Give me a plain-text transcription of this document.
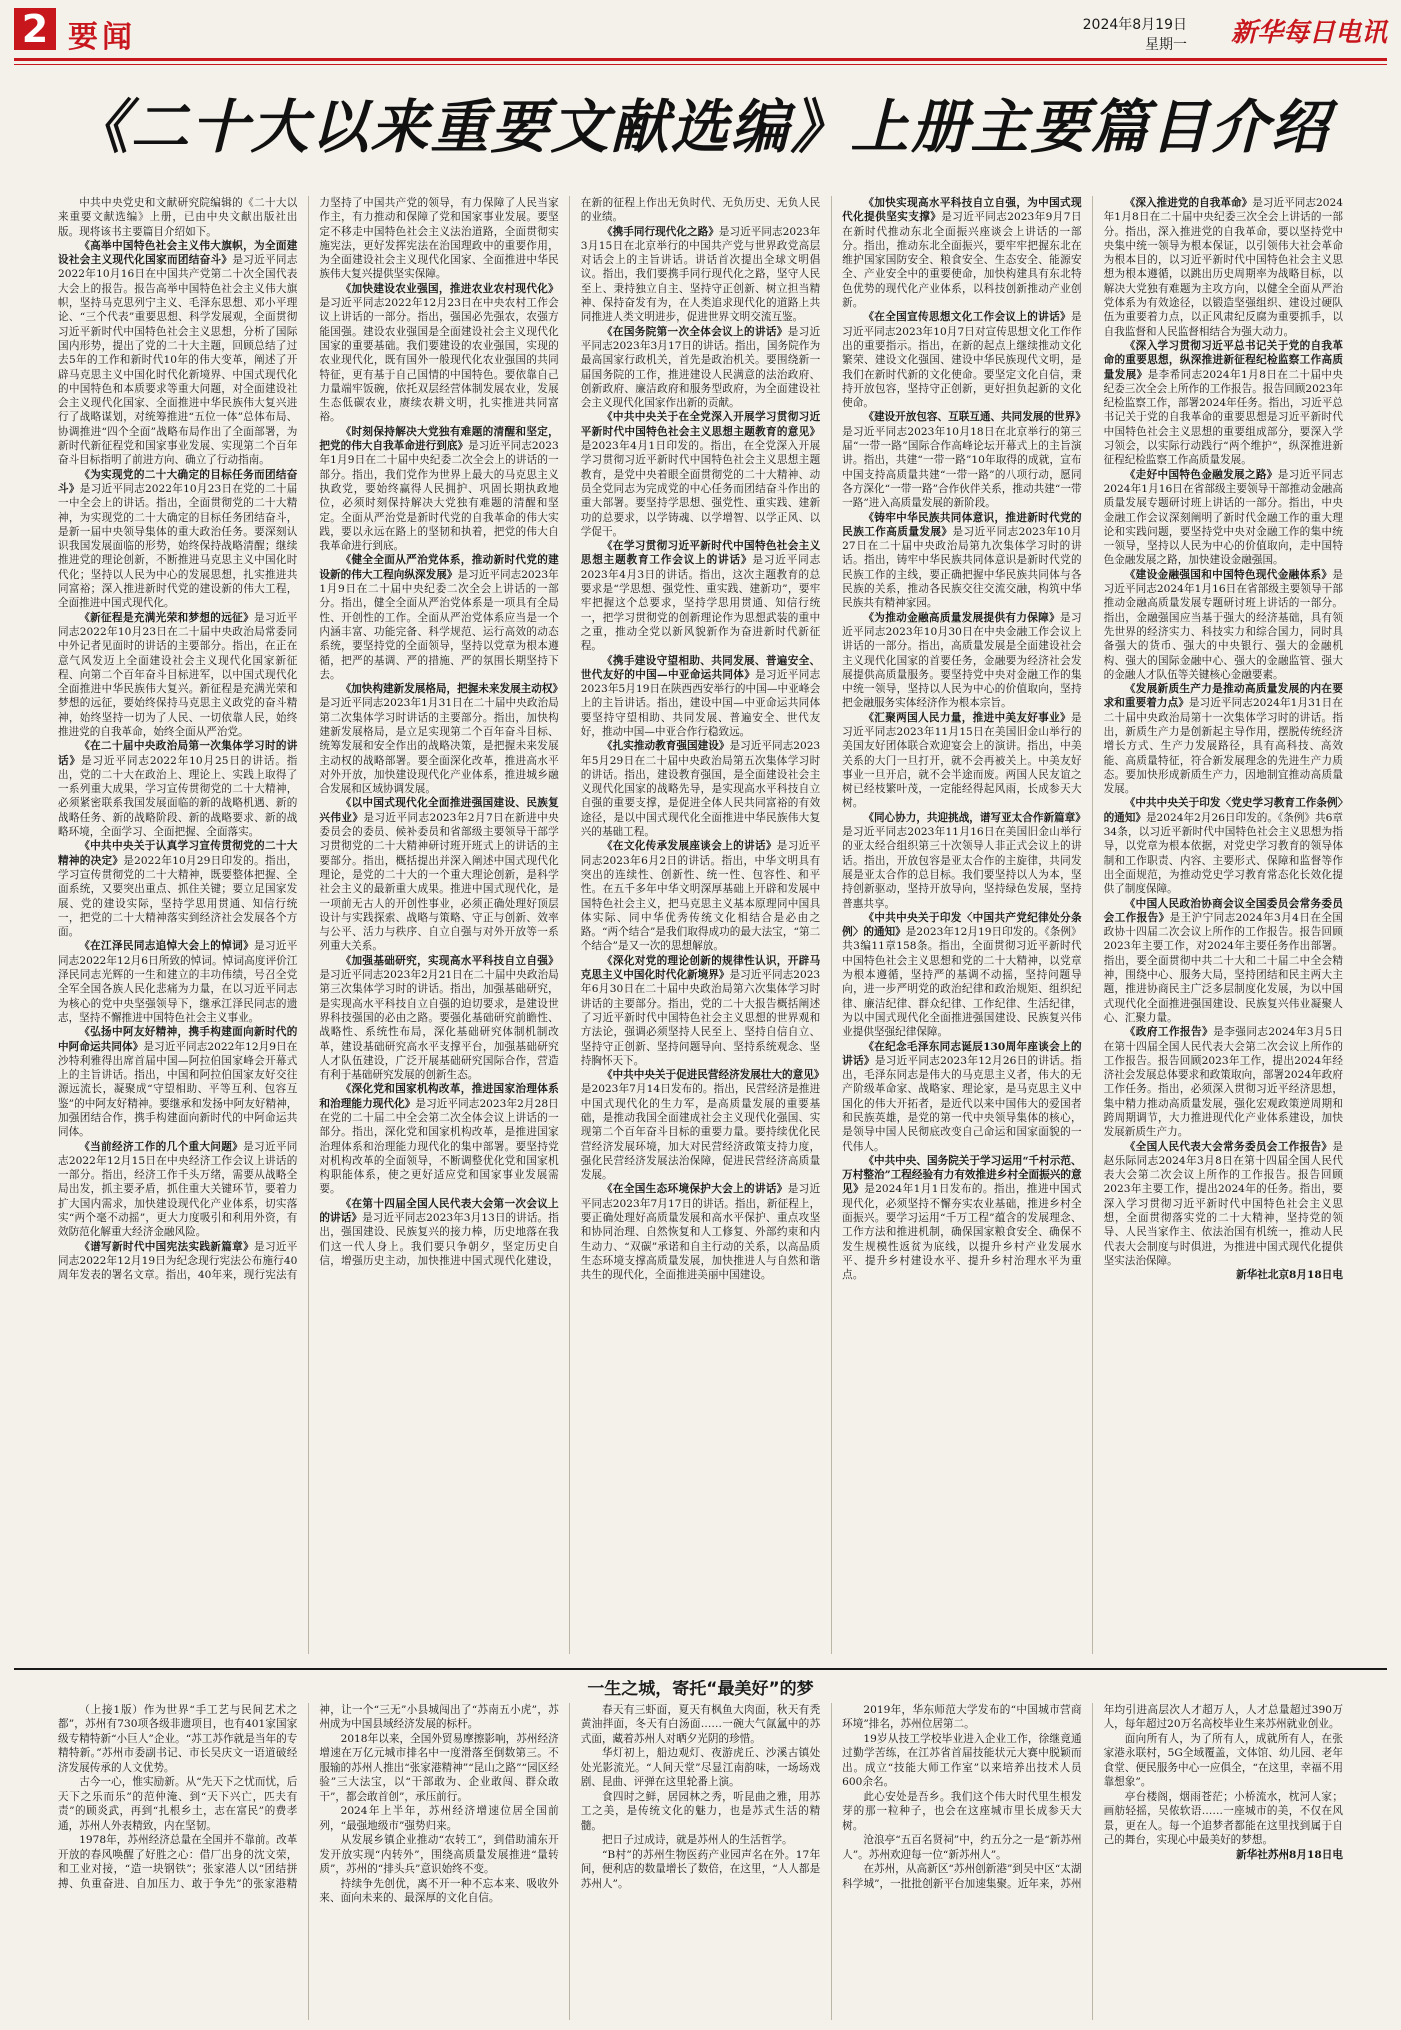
2 要闻	2024年8月19日
星期一 新华每日电讯
《二十大以来重要文献选编》上册主要篇目介绍

中共中央党史和文献研究院编辑的《二十大以来重要文献选编》上册，已由中央文献出版社出版。现将该书主要篇目介绍如下。

《高举中国特色社会主义伟大旗帜，为全面建设社会主义现代化国家而团结奋斗》是习近平同志2022年10月16日在中国共产党第二十次全国代表大会上的报告。报告高举中国特色社会主义伟大旗帜，坚持马克思列宁主义、毛泽东思想、邓小平理论、“三个代表”重要思想、科学发展观，全面贯彻习近平新时代中国特色社会主义思想，分析了国际国内形势，提出了党的二十大主题，回顾总结了过去5年的工作和新时代10年的伟大变革，阐述了开辟马克思主义中国化时代化新境界、中国式现代化的中国特色和本质要求等重大问题，对全面建设社会主义现代化国家、全面推进中华民族伟大复兴进行了战略谋划，对统筹推进“五位一体”总体布局、协调推进“四个全面”战略布局作出了全面部署，为新时代新征程党和国家事业发展、实现第二个百年奋斗目标指明了前进方向、确立了行动指南。

《为实现党的二十大确定的目标任务而团结奋斗》是习近平同志2022年10月23日在党的二十届一中全会上的讲话。指出，全面贯彻党的二十大精神，为实现党的二十大确定的目标任务团结奋斗，是新一届中央领导集体的重大政治任务。要深刻认识我国发展面临的形势，始终保持战略清醒；继续推进党的理论创新，不断推进马克思主义中国化时代化；坚持以人民为中心的发展思想，扎实推进共同富裕；深入推进新时代党的建设新的伟大工程，全面推进中国式现代化。

《新征程是充满光荣和梦想的远征》是习近平同志2022年10月23日在二十届中央政治局常委同中外记者见面时的讲话的主要部分。指出，在正在意气风发迈上全面建设社会主义现代化国家新征程、向第二个百年奋斗目标进军，以中国式现代化全面推进中华民族伟大复兴。新征程是充满光荣和梦想的远征，要始终保持马克思主义政党的奋斗精神，始终坚持一切为了人民、一切依靠人民，始终推进党的自我革命，始终全面从严治党。

《在二十届中央政治局第一次集体学习时的讲话》是习近平同志2022年10月25日的讲话。指出，党的二十大在政治上、理论上、实践上取得了一系列重大成果，学习宣传贯彻党的二十大精神，必须紧密联系我国发展面临的新的战略机遇、新的战略任务、新的战略阶段、新的战略要求、新的战略环境，全面学习、全面把握、全面落实。

《中共中央关于认真学习宣传贯彻党的二十大精神的决定》是2022年10月29日印发的。指出，学习宣传贯彻党的二十大精神，既要整体把握、全面系统，又要突出重点、抓住关键；要立足国家发展、党的建设实际，坚持学思用贯通、知信行统一，把党的二十大精神落实到经济社会发展各个方面。

《在江泽民同志追悼大会上的悼词》是习近平同志2022年12月6日所致的悼词。悼词高度评价江泽民同志光辉的一生和建立的丰功伟绩，号召全党全军全国各族人民化悲痛为力量，在以习近平同志为核心的党中央坚强领导下，继承江泽民同志的遗志，坚持不懈推进中国特色社会主义事业。

《弘扬中阿友好精神，携手构建面向新时代的中阿命运共同体》是习近平同志2022年12月9日在沙特利雅得出席首届中国—阿拉伯国家峰会开幕式上的主旨讲话。指出，中国和阿拉伯国家友好交往源远流长，凝聚成“守望相助、平等互利、包容互鉴”的中阿友好精神。要继承和发扬中阿友好精神，加强团结合作，携手构建面向新时代的中阿命运共同体。

《当前经济工作的几个重大问题》是习近平同志2022年12月15日在中央经济工作会议上讲话的一部分。指出，经济工作千头万绪，需要从战略全局出发，抓主要矛盾，抓住重大关键环节，要着力扩大国内需求，加快建设现代化产业体系，切实落实“两个毫不动摇”，更大力度吸引和利用外资，有效防范化解重大经济金融风险。

《谱写新时代中国宪法实践新篇章》是习近平同志2022年12月19日为纪念现行宪法公布施行40周年发表的署名文章。指出，40年来，现行宪法有力坚持了中国共产党的领导，有力保障了人民当家作主，有力推动和保障了党和国家事业发展。要坚定不移走中国特色社会主义法治道路，全面贯彻实施宪法，更好发挥宪法在治国理政中的重要作用，为全面建设社会主义现代化国家、全面推进中华民族伟大复兴提供坚实保障。

《加快建设农业强国，推进农业农村现代化》是习近平同志2022年12月23日在中央农村工作会议上讲话的一部分。指出，强国必先强农，农强方能国强。建设农业强国是全面建设社会主义现代化国家的重要基础。我们要建设的农业强国，实现的农业现代化，既有国外一般现代化农业强国的共同特征，更有基于自己国情的中国特色。要依靠自己力量端牢饭碗，依托双层经营体制发展农业，发展生态低碳农业，赓续农耕文明，扎实推进共同富裕。

《时刻保持解决大党独有难题的清醒和坚定，把党的伟大自我革命进行到底》是习近平同志2023年1月9日在二十届中央纪委二次全会上的讲话的一部分。指出，我们党作为世界上最大的马克思主义执政党，要始终赢得人民拥护、巩固长期执政地位，必须时刻保持解决大党独有难题的清醒和坚定。全面从严治党是新时代党的自我革命的伟大实践，要以永远在路上的坚韧和执着，把党的伟大自我革命进行到底。

《健全全面从严治党体系，推动新时代党的建设新的伟大工程向纵深发展》是习近平同志2023年1月9日在二十届中央纪委二次全会上讲话的一部分。指出，健全全面从严治党体系是一项具有全局性、开创性的工作。全面从严治党体系应当是一个内涵丰富、功能完备、科学规范、运行高效的动态系统，要坚持党的全面领导，坚持以党章为根本遵循，把严的基调、严的措施、严的氛围长期坚持下去。

《加快构建新发展格局，把握未来发展主动权》是习近平同志2023年1月31日在二十届中央政治局第二次集体学习时讲话的主要部分。指出，加快构建新发展格局，是立足实现第二个百年奋斗目标、统筹发展和安全作出的战略决策，是把握未来发展主动权的战略部署。要全面深化改革，推进高水平对外开放，加快建设现代化产业体系，推进城乡融合发展和区域协调发展。

《以中国式现代化全面推进强国建设、民族复兴伟业》是习近平同志2023年2月7日在新进中央委员会的委员、候补委员和省部级主要领导干部学习贯彻党的二十大精神研讨班开班式上的讲话的主要部分。指出，概括提出并深入阐述中国式现代化理论，是党的二十大的一个重大理论创新，是科学社会主义的最新重大成果。推进中国式现代化，是一项前无古人的开创性事业，必须正确处理好顶层设计与实践探索、战略与策略、守正与创新、效率与公平、活力与秩序、自立自强与对外开放等一系列重大关系。

《加强基础研究，实现高水平科技自立自强》是习近平同志2023年2月21日在二十届中央政治局第三次集体学习时的讲话。指出，加强基础研究，是实现高水平科技自立自强的迫切要求，是建设世界科技强国的必由之路。要强化基础研究前瞻性、战略性、系统性布局，深化基础研究体制机制改革，建设基础研究高水平支撑平台，加强基础研究人才队伍建设，广泛开展基础研究国际合作，营造有利于基础研究发展的创新生态。

《深化党和国家机构改革，推进国家治理体系和治理能力现代化》是习近平同志2023年2月28日在党的二十届二中全会第二次全体会议上讲话的一部分。指出，深化党和国家机构改革，是推进国家治理体系和治理能力现代化的集中部署。要坚持党对机构改革的全面领导，不断调整优化党和国家机构职能体系，使之更好适应党和国家事业发展需要。

《在第十四届全国人民代表大会第一次会议上的讲话》是习近平同志2023年3月13日的讲话。指出，强国建设、民族复兴的接力棒，历史地落在我们这一代人身上。我们要只争朝夕，坚定历史自信，增强历史主动，加快推进中国式现代化建设，在新的征程上作出无负时代、无负历史、无负人民的业绩。

《携手同行现代化之路》是习近平同志2023年3月15日在北京举行的中国共产党与世界政党高层对话会上的主旨讲话。讲话首次提出全球文明倡议。指出，我们要携手同行现代化之路，坚守人民至上、秉持独立自主、坚持守正创新、树立担当精神、保持奋发有为，在人类追求现代化的道路上共同推进人类文明进步，促进世界文明交流互鉴。

《在国务院第一次全体会议上的讲话》是习近平同志2023年3月17日的讲话。指出，国务院作为最高国家行政机关，首先是政治机关。要围绕新一届国务院的工作，推进建设人民满意的法治政府、创新政府、廉洁政府和服务型政府，为全面建设社会主义现代化国家作出新的贡献。

《中共中央关于在全党深入开展学习贯彻习近平新时代中国特色社会主义思想主题教育的意见》是2023年4月1日印发的。指出，在全党深入开展学习贯彻习近平新时代中国特色社会主义思想主题教育，是党中央着眼全面贯彻党的二十大精神、动员全党同志为完成党的中心任务而团结奋斗作出的重大部署。要坚持学思想、强党性、重实践、建新功的总要求，以学铸魂、以学增智、以学正风、以学促干。

《在学习贯彻习近平新时代中国特色社会主义思想主题教育工作会议上的讲话》是习近平同志2023年4月3日的讲话。指出，这次主题教育的总要求是“学思想、强党性、重实践、建新功”，要牢牢把握这个总要求，坚持学思用贯通、知信行统一，把学习贯彻党的创新理论作为思想武装的重中之重，推动全党以新风貌新作为奋进新时代新征程。

《携手建设守望相助、共同发展、普遍安全、世代友好的中国—中亚命运共同体》是习近平同志2023年5月19日在陕西西安举行的中国—中亚峰会上的主旨讲话。指出，建设中国—中亚命运共同体要坚持守望相助、共同发展、普遍安全、世代友好，推动中国—中亚合作行稳致远。

《扎实推动教育强国建设》是习近平同志2023年5月29日在二十届中央政治局第五次集体学习时的讲话。指出，建设教育强国，是全面建设社会主义现代化国家的战略先导，是实现高水平科技自立自强的重要支撑，是促进全体人民共同富裕的有效途径，是以中国式现代化全面推进中华民族伟大复兴的基础工程。

《在文化传承发展座谈会上的讲话》是习近平同志2023年6月2日的讲话。指出，中华文明具有突出的连续性、创新性、统一性、包容性、和平性。在五千多年中华文明深厚基础上开辟和发展中国特色社会主义，把马克思主义基本原理同中国具体实际、同中华优秀传统文化相结合是必由之路。“两个结合”是我们取得成功的最大法宝，“第二个结合”是又一次的思想解放。

《深化对党的理论创新的规律性认识，开辟马克思主义中国化时代化新境界》是习近平同志2023年6月30日在二十届中央政治局第六次集体学习时讲话的主要部分。指出，党的二十大报告概括阐述了习近平新时代中国特色社会主义思想的世界观和方法论，强调必须坚持人民至上、坚持自信自立、坚持守正创新、坚持问题导向、坚持系统观念、坚持胸怀天下。

《中共中央关于促进民营经济发展壮大的意见》是2023年7月14日发布的。指出，民营经济是推进中国式现代化的生力军，是高质量发展的重要基础，是推动我国全面建成社会主义现代化强国、实现第二个百年奋斗目标的重要力量。要持续优化民营经济发展环境，加大对民营经济政策支持力度，强化民营经济发展法治保障，促进民营经济高质量发展。

《在全国生态环境保护大会上的讲话》是习近平同志2023年7月17日的讲话。指出，新征程上，要正确处理好高质量发展和高水平保护、重点攻坚和协同治理、自然恢复和人工修复、外部约束和内生动力、“双碳”承诺和自主行动的关系，以高品质生态环境支撑高质量发展，加快推进人与自然和谐共生的现代化，全面推进美丽中国建设。

《加快实现高水平科技自立自强，为中国式现代化提供坚实支撑》是习近平同志2023年9月7日在新时代推动东北全面振兴座谈会上讲话的一部分。指出，推动东北全面振兴，要牢牢把握东北在维护国家国防安全、粮食安全、生态安全、能源安全、产业安全中的重要使命，加快构建具有东北特色优势的现代化产业体系，以科技创新推动产业创新。

《在全国宣传思想文化工作会议上的讲话》是习近平同志2023年10月7日对宣传思想文化工作作出的重要指示。指出，在新的起点上继续推动文化繁荣、建设文化强国、建设中华民族现代文明，是我们在新时代新的文化使命。要坚定文化自信，秉持开放包容，坚持守正创新，更好担负起新的文化使命。

《建设开放包容、互联互通、共同发展的世界》是习近平同志2023年10月18日在北京举行的第三届“一带一路”国际合作高峰论坛开幕式上的主旨演讲。指出，共建“一带一路”10年取得的成就，宣布中国支持高质量共建“一带一路”的八项行动，愿同各方深化“一带一路”合作伙伴关系，推动共建“一带一路”进入高质量发展的新阶段。

《铸牢中华民族共同体意识，推进新时代党的民族工作高质量发展》是习近平同志2023年10月27日在二十届中央政治局第九次集体学习时的讲话。指出，铸牢中华民族共同体意识是新时代党的民族工作的主线，要正确把握中华民族共同体与各民族的关系，推动各民族交往交流交融，构筑中华民族共有精神家园。

《为推动金融高质量发展提供有力保障》是习近平同志2023年10月30日在中央金融工作会议上讲话的一部分。指出，高质量发展是全面建设社会主义现代化国家的首要任务，金融要为经济社会发展提供高质量服务。要坚持党中央对金融工作的集中统一领导，坚持以人民为中心的价值取向，坚持把金融服务实体经济作为根本宗旨。

《汇聚两国人民力量，推进中美友好事业》是习近平同志2023年11月15日在美国旧金山举行的美国友好团体联合欢迎宴会上的演讲。指出，中美关系的大门一旦打开，就不会再被关上。中美友好事业一旦开启，就不会半途而废。两国人民友谊之树已经枝繁叶茂，一定能经得起风雨，长成参天大树。

《同心协力，共迎挑战，谱写亚太合作新篇章》是习近平同志2023年11月16日在美国旧金山举行的亚太经合组织第三十次领导人非正式会议上的讲话。指出，开放包容是亚太合作的主旋律，共同发展是亚太合作的总目标。我们要坚持以人为本，坚持创新驱动，坚持开放导向，坚持绿色发展，坚持普惠共享。

《中共中央关于印发〈中国共产党纪律处分条例〉的通知》是2023年12月19日印发的。《条例》共3编11章158条。指出，全面贯彻习近平新时代中国特色社会主义思想和党的二十大精神，以党章为根本遵循，坚持严的基调不动摇，坚持问题导向，进一步严明党的政治纪律和政治规矩、组织纪律、廉洁纪律、群众纪律、工作纪律、生活纪律，为以中国式现代化全面推进强国建设、民族复兴伟业提供坚强纪律保障。

《在纪念毛泽东同志诞辰130周年座谈会上的讲话》是习近平同志2023年12月26日的讲话。指出，毛泽东同志是伟大的马克思主义者，伟大的无产阶级革命家、战略家、理论家，是马克思主义中国化的伟大开拓者，是近代以来中国伟大的爱国者和民族英雄，是党的第一代中央领导集体的核心，是领导中国人民彻底改变自己命运和国家面貌的一代伟人。

《中共中央、国务院关于学习运用“千村示范、万村整治”工程经验有力有效推进乡村全面振兴的意见》是2024年1月1日发布的。指出，推进中国式现代化，必须坚持不懈夯实农业基础，推进乡村全面振兴。要学习运用“千万工程”蕴含的发展理念、工作方法和推进机制，确保国家粮食安全、确保不发生规模性返贫为底线，以提升乡村产业发展水平、提升乡村建设水平、提升乡村治理水平为重点。

《深入推进党的自我革命》是习近平同志2024年1月8日在二十届中央纪委三次全会上讲话的一部分。指出，深入推进党的自我革命，要以坚持党中央集中统一领导为根本保证，以引领伟大社会革命为根本目的，以习近平新时代中国特色社会主义思想为根本遵循，以跳出历史周期率为战略目标，以解决大党独有难题为主攻方向，以健全全面从严治党体系为有效途径，以锻造坚强组织、建设过硬队伍为重要着力点，以正风肃纪反腐为重要抓手，以自我监督和人民监督相结合为强大动力。

《深入学习贯彻习近平总书记关于党的自我革命的重要思想，纵深推进新征程纪检监察工作高质量发展》是李希同志2024年1月8日在二十届中央纪委三次全会上所作的工作报告。报告回顾2023年纪检监察工作，部署2024年任务。指出，习近平总书记关于党的自我革命的重要思想是习近平新时代中国特色社会主义思想的重要组成部分，要深入学习领会，以实际行动践行“两个维护”，纵深推进新征程纪检监察工作高质量发展。

《走好中国特色金融发展之路》是习近平同志2024年1月16日在省部级主要领导干部推动金融高质量发展专题研讨班上讲话的一部分。指出，中央金融工作会议深刻阐明了新时代金融工作的重大理论和实践问题，要坚持党中央对金融工作的集中统一领导，坚持以人民为中心的价值取向，走中国特色金融发展之路，加快建设金融强国。

《建设金融强国和中国特色现代金融体系》是习近平同志2024年1月16日在省部级主要领导干部推动金融高质量发展专题研讨班上讲话的一部分。指出，金融强国应当基于强大的经济基础，具有领先世界的经济实力、科技实力和综合国力，同时具备强大的货币、强大的中央银行、强大的金融机构、强大的国际金融中心、强大的金融监管、强大的金融人才队伍等关键核心金融要素。

《发展新质生产力是推动高质量发展的内在要求和重要着力点》是习近平同志2024年1月31日在二十届中央政治局第十一次集体学习时的讲话。指出，新质生产力是创新起主导作用，摆脱传统经济增长方式、生产力发展路径，具有高科技、高效能、高质量特征，符合新发展理念的先进生产力质态。要加快形成新质生产力，因地制宜推动高质量发展。

《中共中央关于印发〈党史学习教育工作条例〉的通知》是2024年2月26日印发的。《条例》共6章34条，以习近平新时代中国特色社会主义思想为指导，以党章为根本依据，对党史学习教育的领导体制和工作职责、内容、主要形式、保障和监督等作出全面规范，为推动党史学习教育常态化长效化提供了制度保障。

《中国人民政治协商会议全国委员会常务委员会工作报告》是王沪宁同志2024年3月4日在全国政协十四届二次会议上所作的工作报告。报告回顾2023年主要工作，对2024年主要任务作出部署。指出，要全面贯彻中共二十大和二十届二中全会精神，围绕中心、服务大局，坚持团结和民主两大主题，推进协商民主广泛多层制度化发展，为以中国式现代化全面推进强国建设、民族复兴伟业凝聚人心、汇聚力量。

《政府工作报告》是李强同志2024年3月5日在第十四届全国人民代表大会第二次会议上所作的工作报告。报告回顾2023年工作，提出2024年经济社会发展总体要求和政策取向，部署2024年政府工作任务。指出，必须深入贯彻习近平经济思想，集中精力推动高质量发展，强化宏观政策逆周期和跨周期调节，大力推进现代化产业体系建设，加快发展新质生产力。

《全国人民代表大会常务委员会工作报告》是赵乐际同志2024年3月8日在第十四届全国人民代表大会第二次会议上所作的工作报告。报告回顾2023年主要工作，提出2024年的任务。指出，要深入学习贯彻习近平新时代中国特色社会主义思想，全面贯彻落实党的二十大精神，坚持党的领导、人民当家作主、依法治国有机统一，推动人民代表大会制度与时俱进，为推进中国式现代化提供坚实法治保障。

新华社北京8月18日电

一生之城，寄托“最美好”的梦

（上接1版）作为世界“手工艺与民间艺术之都”，苏州有730项各级非遗项目，也有401家国家级专精特新“小巨人”企业。“苏工苏作就是当年的专精特新。”苏州市委副书记、市长吴庆文一语道破经济发展传承的人文优势。

古今一心，惟实励新。从“先天下之忧而忧，后天下之乐而乐”的范仲淹、到“天下兴亡，匹夫有责”的顾炎武，再到“扎根乡土，志在富民”的费孝通，苏州人外表精致，内在坚韧。

1978年，苏州经济总量在全国并不靠前。改革开放的春风唤醒了好胜之心：借厂出身的沈文荣，和工业对接，“造一块钢铁”；张家港人以“团结拼搏、负重奋进、自加压力、敢于争先”的张家港精神，让一个“三无”小县城闯出了“苏南五小虎”，苏州成为中国县域经济发展的标杆。

2018年以来，全国外贸易摩擦影响，苏州经济增速在万亿元城市排名中一度滑落至倒数第三。不服输的苏州人推出“张家港精神”“昆山之路”“园区经验”三大法宝，以“干部敢为、企业敢闯、群众敢干”，都会敢首创”，承压前行。

2024年上半年，苏州经济增速位居全国前列，“最强地级市”强势归来。

从发展乡镇企业推动“农转工”，到借助浦东开发开放实现“内转外”，围绕高质量发展推进“量转质”，苏州的“排头兵”意识始终不变。

持续争先创优，离不开一种不忘本来、吸收外来、面向未来的、最深厚的文化自信。

春天有三虾面，夏天有枫鱼大肉面，秋天有秃黄油拌面，冬天有白汤面……一碗大气氤氲中的苏式面，藏着苏州人对晒夕光阴的珍惜。

华灯初上，船边观灯、夜游虎丘、沙溪古镇处处光影流光。“人间天堂”尽显江南韵味，一场场戏剧、昆曲、评弹在这里轮番上演。

食四时之鲜，居园林之秀，听昆曲之雅，用苏工之美，是传统文化的魅力，也是苏式生活的精髓。

把日子过成诗，就是苏州人的生活哲学。

“B村”的苏州生物医药产业园声名在外。17年间，便利店的数量增长了数倍，在这里，“人人都是苏州人”。

2019年，华东师范大学发布的“中国城市营商环境”排名，苏州位居第二。

19岁从技工学校毕业进入企业工作，徐继竟通过勤学苦练，在江苏省首届技能状元大赛中脱颖而出。成立“技能大师工作室”以来培养出技术人员600余名。

此心安处是吾乡。我们这个伟大时代里生根发芽的那一粒种子，也会在这座城市里长成参天大树。

沧浪亭“五百名贤祠”中，约五分之一是“新苏州人”。苏州欢迎每一位“新苏州人”。

在苏州，从高新区“苏州创新港”到吴中区“太湖科学城”，一批批创新平台加速集聚。近年来，苏州年均引进高层次人才超万人，人才总量超过390万人，每年超过20万名高校毕业生来苏州就业创业。

面向所有人，为了所有人，成就所有人，在张家港永联村，5G全域覆盖，文体馆、幼儿园、老年食堂、便民服务中心一应俱全，“在这里，幸福不用靠想象”。

亭台楼阁，烟雨苍茫；小桥流水，枕河人家；画舫轻摇，吴侬软语……一座城市的美，不仅在风景，更在人。每一个追梦者都能在这里找到属于自己的舞台，实现心中最美好的梦想。

新华社苏州8月18日电
